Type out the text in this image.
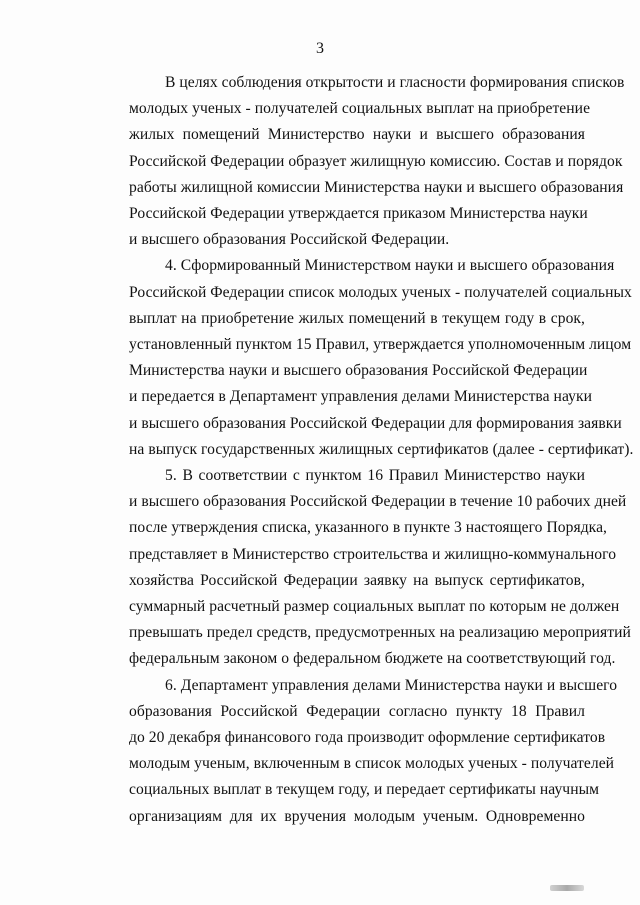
3
В целях соблюдения открытости и гласности формирования списков
молодых ученых - получателей социальных выплат на приобретение
жилых помещений Министерство науки и высшего образования
Российской Федерации образует жилищную комиссию. Состав и порядок
работы жилищной комиссии Министерства науки и высшего образования
Российской Федерации утверждается приказом Министерства науки
и высшего образования Российской Федерации.
4. Сформированный Министерством науки и высшего образования
Российской Федерации список молодых ученых - получателей социальных
выплат на приобретение жилых помещений в текущем году в срок,
установленный пунктом 15 Правил, утверждается уполномоченным лицом
Министерства науки и высшего образования Российской Федерации
и передается в Департамент управления делами Министерства науки
и высшего образования Российской Федерации для формирования заявки
на выпуск государственных жилищных сертификатов (далее - сертификат).
5. В соответствии с пунктом 16 Правил Министерство науки
и высшего образования Российской Федерации в течение 10 рабочих дней
после утверждения списка, указанного в пункте 3 настоящего Порядка,
представляет в Министерство строительства и жилищно-коммунального
хозяйства Российской Федерации заявку на выпуск сертификатов,
суммарный расчетный размер социальных выплат по которым не должен
превышать предел средств, предусмотренных на реализацию мероприятий
федеральным законом о федеральном бюджете на соответствующий год.
6. Департамент управления делами Министерства науки и высшего
образования Российской Федерации согласно пункту 18 Правил
до 20 декабря финансового года производит оформление сертификатов
молодым ученым, включенным в список молодых ученых - получателей
социальных выплат в текущем году, и передает сертификаты научным
организациям для их вручения молодым ученым. Одновременно
